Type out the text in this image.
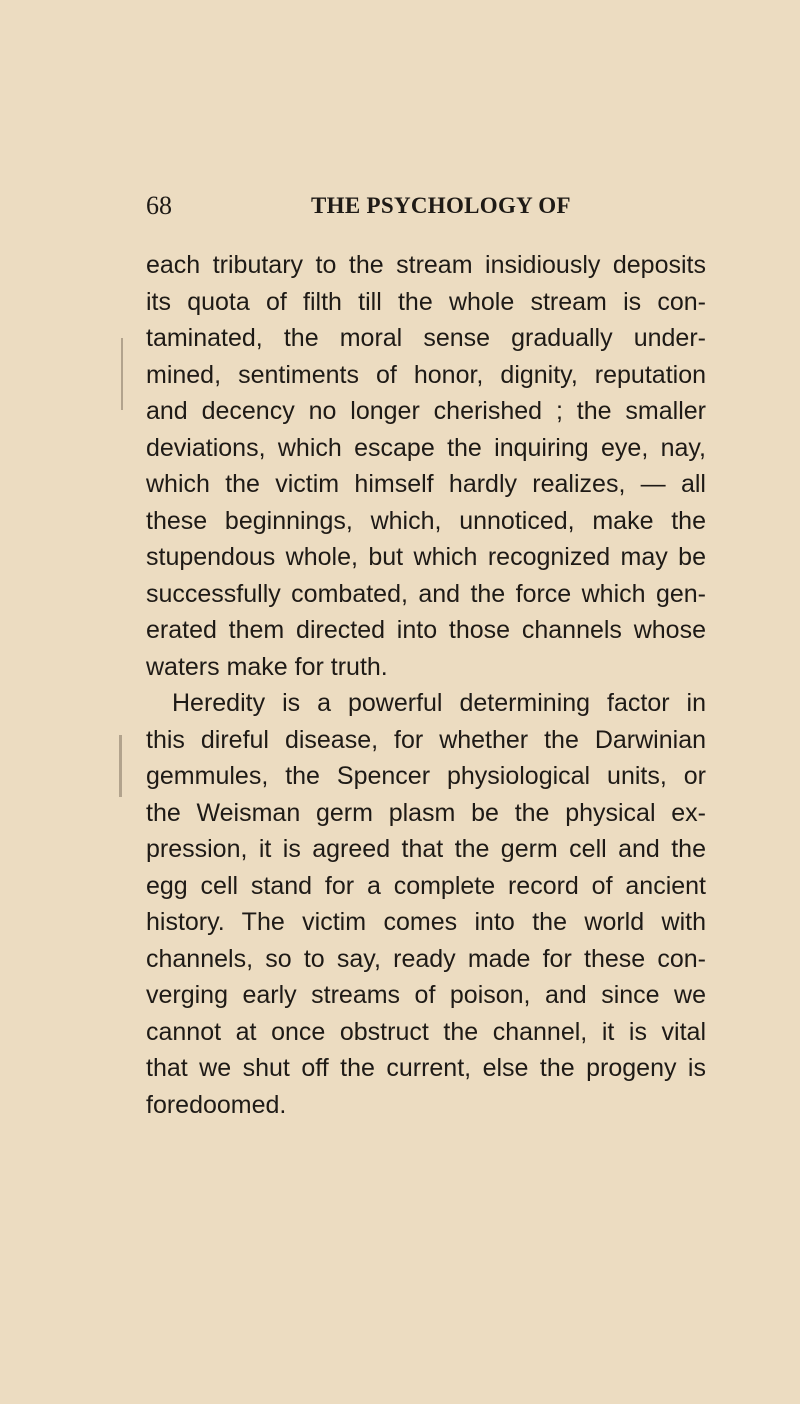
68	THE PSYCHOLOGY OF
each tributary to the stream insidiously deposits
its quota of filth till the whole stream is con-
taminated, the moral sense gradually under-
mined, sentiments of honor, dignity, reputation
and decency no longer cherished ; the smaller
deviations, which escape the inquiring eye, nay,
which the victim himself hardly realizes, — all
these beginnings, which, unnoticed, make the
stupendous whole, but which recognized may be
successfully combated, and the force which gen-
erated them directed into those channels whose
waters make for truth.
Heredity is a powerful determining factor in
this direful disease, for whether the Darwinian
gemmules, the Spencer physiological units, or
the Weisman germ plasm be the physical ex-
pression, it is agreed that the germ cell and the
egg cell stand for a complete record of ancient
history. The victim comes into the world with
channels, so to say, ready made for these con-
verging early streams of poison, and since we
cannot at once obstruct the channel, it is vital
that we shut off the current, else the progeny is
foredoomed.
